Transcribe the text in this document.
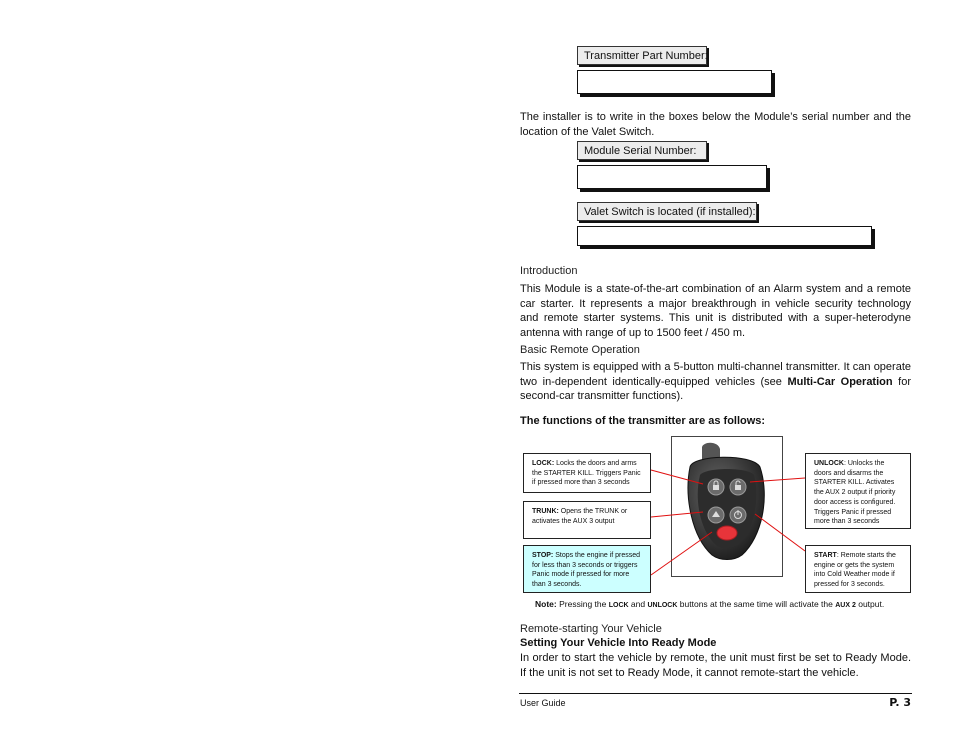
Transmitter Part Number:

The installer is to write in the boxes below the Module’s serial number and the location of the Valet Switch.

Module Serial Number:
Valet Switch is located (if installed):
Introduction

This Module is a state-of-the-art combination of an Alarm system and a remote car starter. It represents a major breakthrough in vehicle security technology and remote starter systems. This unit is distributed with a super-heterodyne antenna with range of up to 1500 feet / 450 m.

Basic Remote Operation

This system is equipped with a 5-button multi-channel transmitter. It can operate two in-dependent identically-equipped vehicles (see Multi-Car Operation for second-car transmitter functions).

The functions of the transmitter are as follows:
LOCK: Locks the doors and arms the STARTER KILL. Triggers Panic if pressed more than 3 seconds
TRUNK: Opens the TRUNK or activates the AUX 3 output
STOP: Stops the engine if pressed for less than 3 seconds or triggers Panic mode if pressed for more than 3 seconds.
UNLOCK: Unlocks the doors and disarms the STARTER KILL. Activates the AUX 2 output if priority door access is configured. Triggers Panic if pressed more than 3 seconds
START: Remote starts the engine or gets the system into Cold Weather mode if pressed for 3 seconds.
Note: Pressing the LOCK and UNLOCK buttons at the same time will activate the AUX 2 output.
Remote-starting Your Vehicle
Setting Your Vehicle Into Ready Mode

In order to start the vehicle by remote, the unit must first be set to Ready Mode. If the unit is not set to Ready Mode, it cannot remote-start the vehicle.

User Guide	P. 3
